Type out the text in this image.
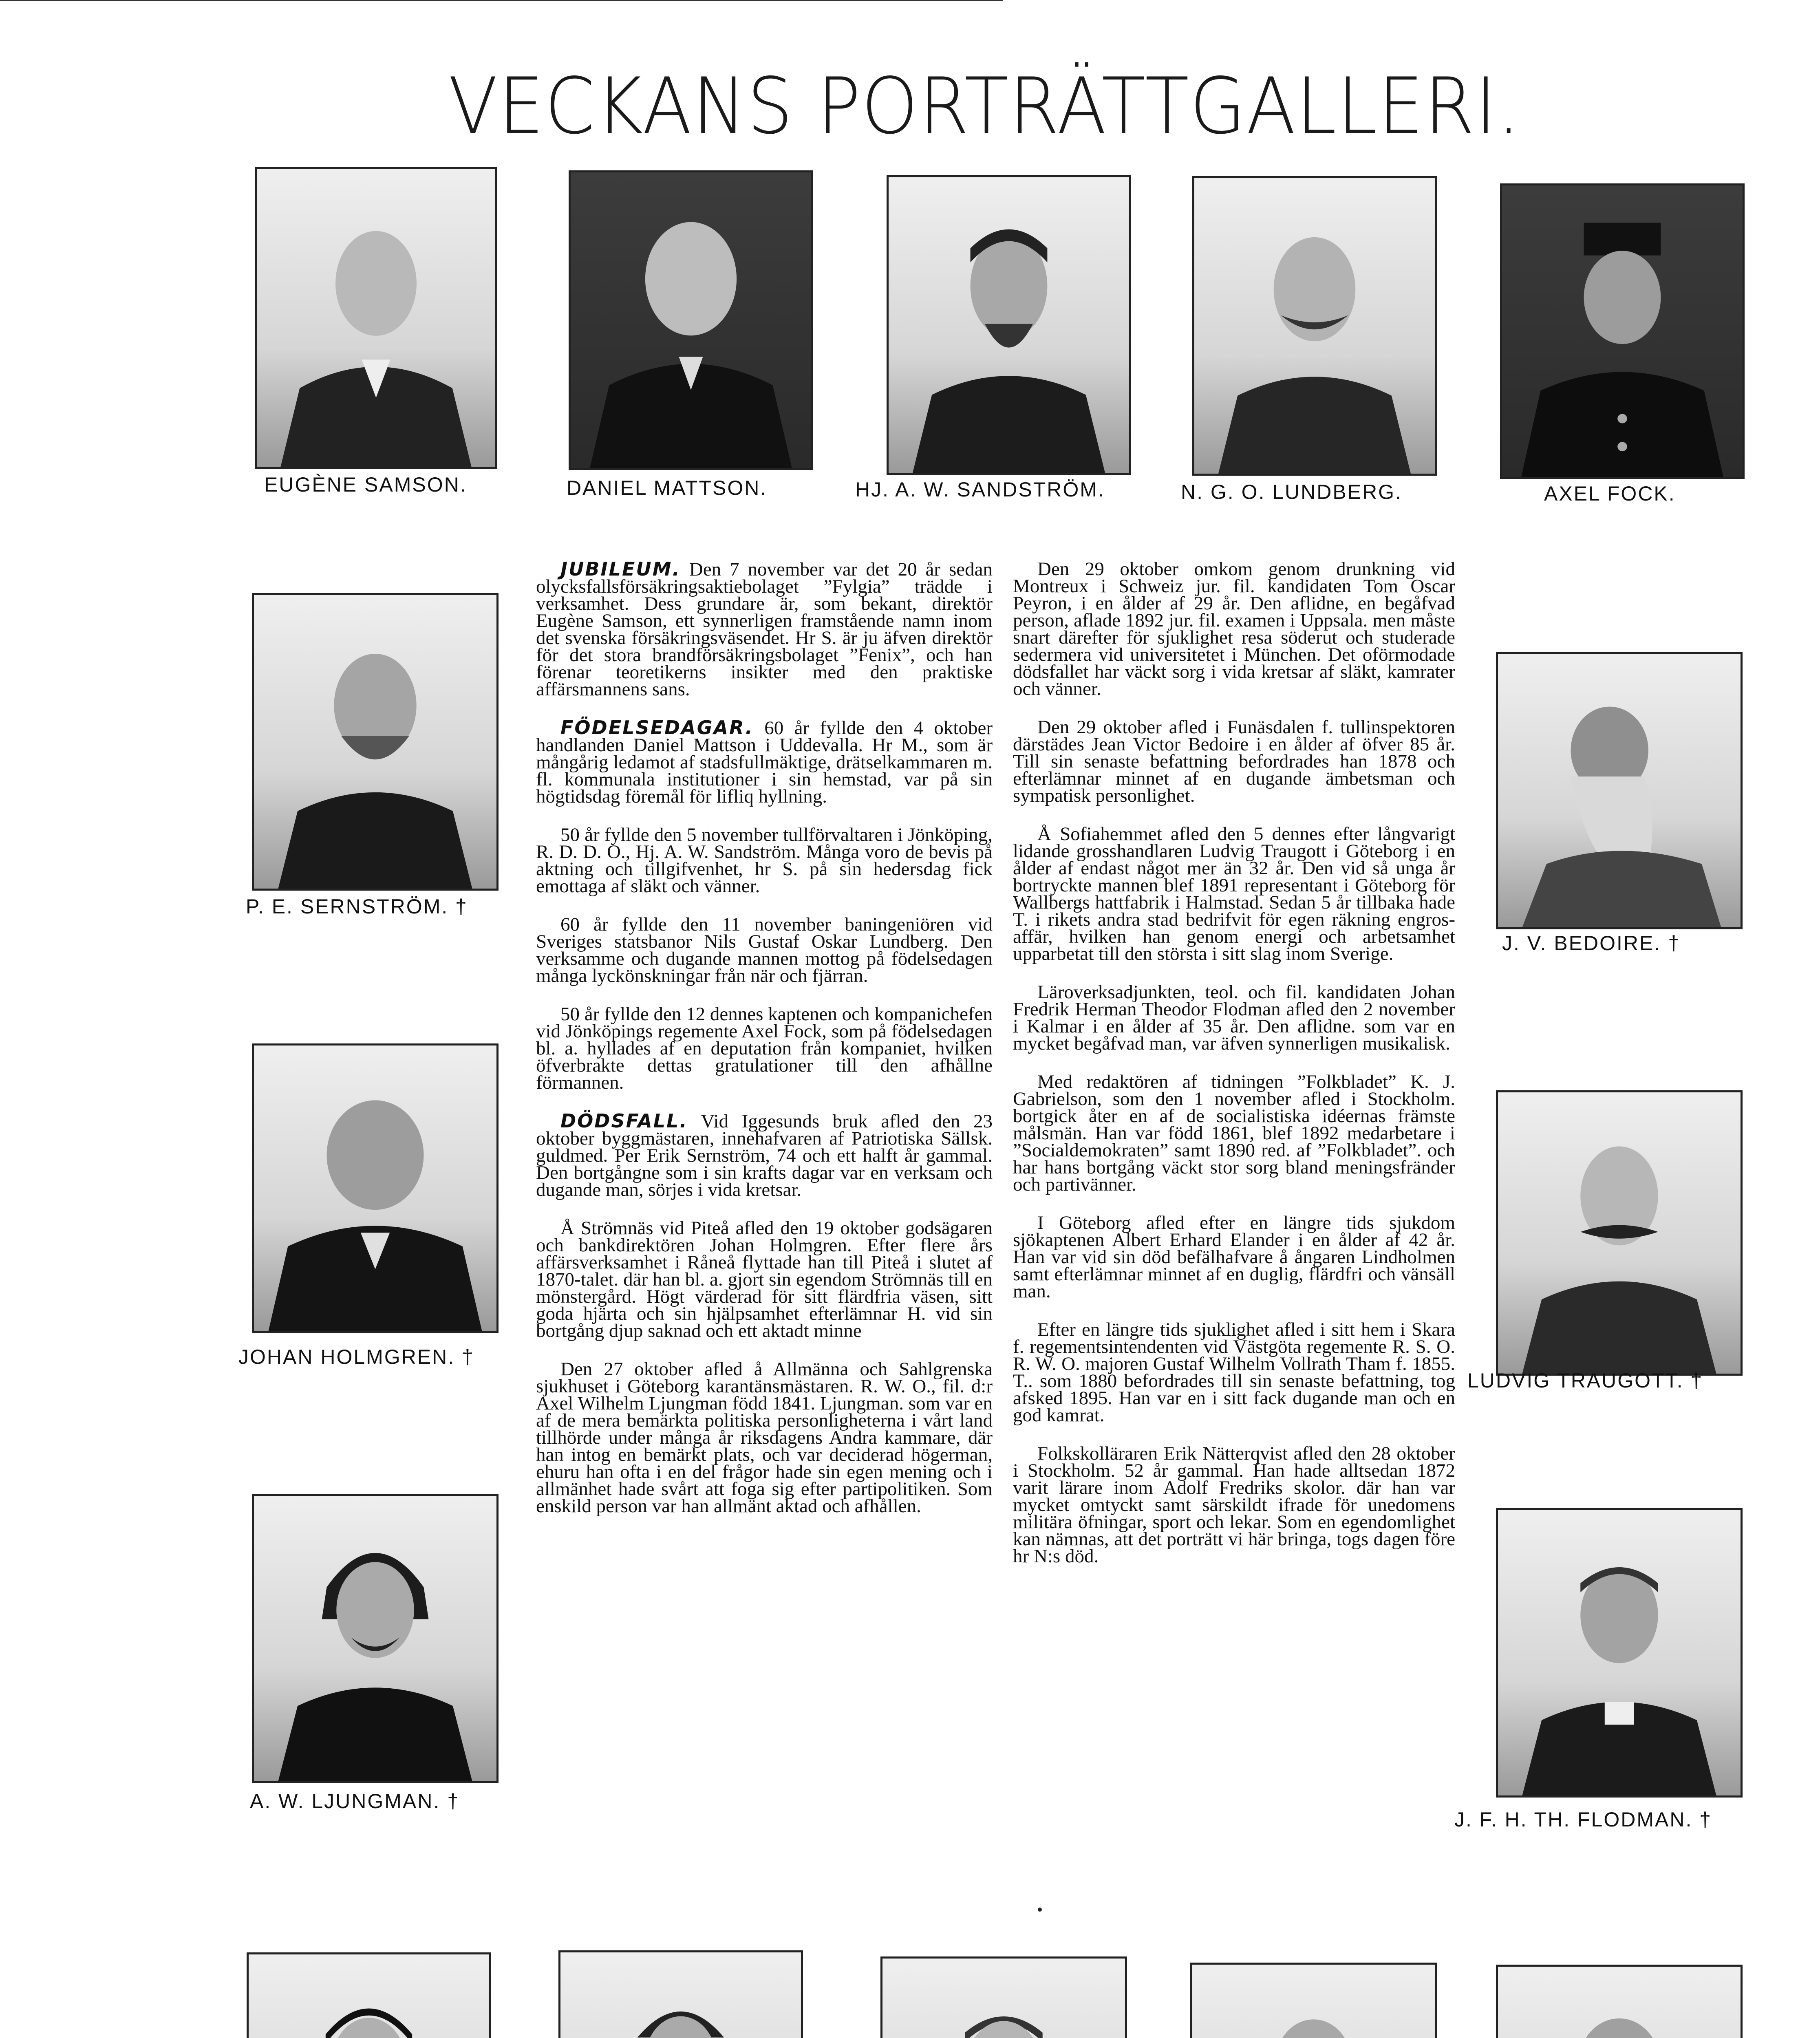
VECKANS PORTRÄTTGALLERI.
EUGÈNE SAMSON.	DANIEL MATTSON.	HJ. A. W. SANDSTRÖM.	N. G. O. LUNDBERG.	AXEL FOCK.
P. E. SERNSTRÖM. †
JOHAN HOLMGREN. †
A. W. LJUNGMAN. †
J. V. BEDOIRE. †
LUDVIG TRAUGOTT. †
J. F. H. TH. FLODMAN. †

JUBILEUM. Den 7 november var det 20 år sedan olycksfallsförsäkringsaktiebolaget ”Fylgia” trädde i verksamhet. Dess grundare är, som bekant, direktör Eugène Samson, ett synnerligen framstående namn inom det svenska försäkringsväsendet. Hr S. är ju äfven direktör för det stora brandförsäkringsbolaget ”Fenix”, och han förenar teoretikerns insikter med den praktiske affärsmannens sans.

FÖDELSEDAGAR. 60 år fyllde den 4 oktober handlanden Daniel Mattson i Uddevalla. Hr M., som är mångårig ledamot af stadsfullmäktige, drätselkammaren m. fl. kommunala institutioner i sin hemstad, var på sin högtidsdag föremål för lifliq hyllning.

50 år fyllde den 5 november tullförvaltaren i Jönköping, R. D. D. O., Hj. A. W. Sandström. Många voro de bevis på aktning och tillgifvenhet, hr S. på sin hedersdag fick emottaga af släkt och vänner.

60 år fyllde den 11 november baningeniören vid Sveriges statsbanor Nils Gustaf Oskar Lundberg. Den verksamme och dugande mannen mottog på födelsedagen många lyckönskningar från när och fjärran.

50 år fyllde den 12 dennes kaptenen och kompanichefen vid Jönköpings regemente Axel Fock, som på födelsedagen bl. a. hyllades af en deputation från kompaniet, hvilken öfverbrakte dettas gratulationer till den afhållne förmannen.

DÖDSFALL. Vid Iggesunds bruk afled den 23 oktober byggmästaren, innehafvaren af Patriotiska Sällsk. guldmed. Per Erik Sernström, 74 och ett halft år gammal. Den bortgångne som i sin krafts dagar var en verksam och dugande man, sörjes i vida kretsar.

Å Strömnäs vid Piteå afled den 19 oktober godsägaren och bankdirektören Johan Holmgren. Efter flere års affärsverksamhet i Råneå flyttade han till Piteå i slutet af 1870-talet. där han bl. a. gjort sin egendom Strömnäs till en mönstergård. Högt värderad för sitt flärdfria väsen, sitt goda hjärta och sin hjälpsamhet efterlämnar H. vid sin bortgång djup saknad och ett aktadt minne

Den 27 oktober afled å Allmänna och Sahlgrenska sjukhuset i Göteborg karantänsmästaren. R. W. O., fil. d:r Axel Wilhelm Ljungman född 1841. Ljungman. som var en af de mera bemärkta politiska personligheterna i vårt land tillhörde under många år riksdagens Andra kammare, där han intog en bemärkt plats, och var deciderad högerman, ehuru han ofta i en del frågor hade sin egen mening och i allmänhet hade svårt att foga sig efter partipolitiken. Som enskild person var han allmänt aktad och afhållen.

Den 29 oktober omkom genom drunkning vid Montreux i Schweiz jur. fil. kandidaten Tom Oscar Peyron, i en ålder af 29 år. Den aflidne, en begåfvad person, aflade 1892 jur. fil. examen i Uppsala. men måste snart därefter för sjuklighet resa söderut och studerade sedermera vid universitetet i München. Det oförmodade dödsfallet har väckt sorg i vida kretsar af släkt, kamrater och vänner.

Den 29 oktober afled i Funäsdalen f. tullinspektoren därstädes Jean Victor Bedoire i en ålder af öfver 85 år. Till sin senaste befattning befordrades han 1878 och efterlämnar minnet af en dugande ämbetsman och sympatisk personlighet.

Å Sofiahemmet afled den 5 dennes efter långvarigt lidande grosshandlaren Ludvig Traugott i Göteborg i en ålder af endast något mer än 32 år. Den vid så unga år bortryckte mannen blef 1891 representant i Göteborg för Wallbergs hattfabrik i Halmstad. Sedan 5 år tillbaka hade T. i rikets andra stad bedrifvit för egen räkning engros-affär, hvilken han genom energi och arbetsamhet upparbetat till den största i sitt slag inom Sverige.

Läroverksadjunkten, teol. och fil. kandidaten Johan Fredrik Herman Theodor Flodman afled den 2 november i Kalmar i en ålder af 35 år. Den aflidne. som var en mycket begåfvad man, var äfven synnerligen musikalisk.

Med redaktören af tidningen ”Folkbladet” K. J. Gabrielson, som den 1 november afled i Stockholm. bortgick åter en af de socialistiska idéernas främste målsmän. Han var född 1861, blef 1892 medarbetare i ”Socialdemokraten” samt 1890 red. af ”Folkbladet”. och har hans bortgång väckt stor sorg bland meningsfränder och partivänner.

I Göteborg afled efter en längre tids sjukdom sjökaptenen Albert Erhard Elander i en ålder af 42 år. Han var vid sin död befälhafvare å ångaren Lindholmen samt efterlämnar minnet af en duglig, flärdfri och vänsäll man.

Efter en längre tids sjuklighet afled i sitt hem i Skara f. regementsintendenten vid Västgöta regemente R. S. O. R. W. O. majoren Gustaf Wilhelm Vollrath Tham f. 1855. T.. som 1880 befordrades till sin senaste befattning, tog afsked 1895. Han var en i sitt fack dugande man och en god kamrat.

Folkskolläraren Erik Nätterqvist afled den 28 oktober i Stockholm. 52 år gammal. Han hade alltsedan 1872 varit lärare inom Adolf Fredriks skolor. där han var mycket omtyckt samt särskildt ifrade för unedomens militära öfningar, sport och lekar. Som en egendomlighet kan nämnas, att det porträtt vi här bringa, togs dagen före hr N:s död.
